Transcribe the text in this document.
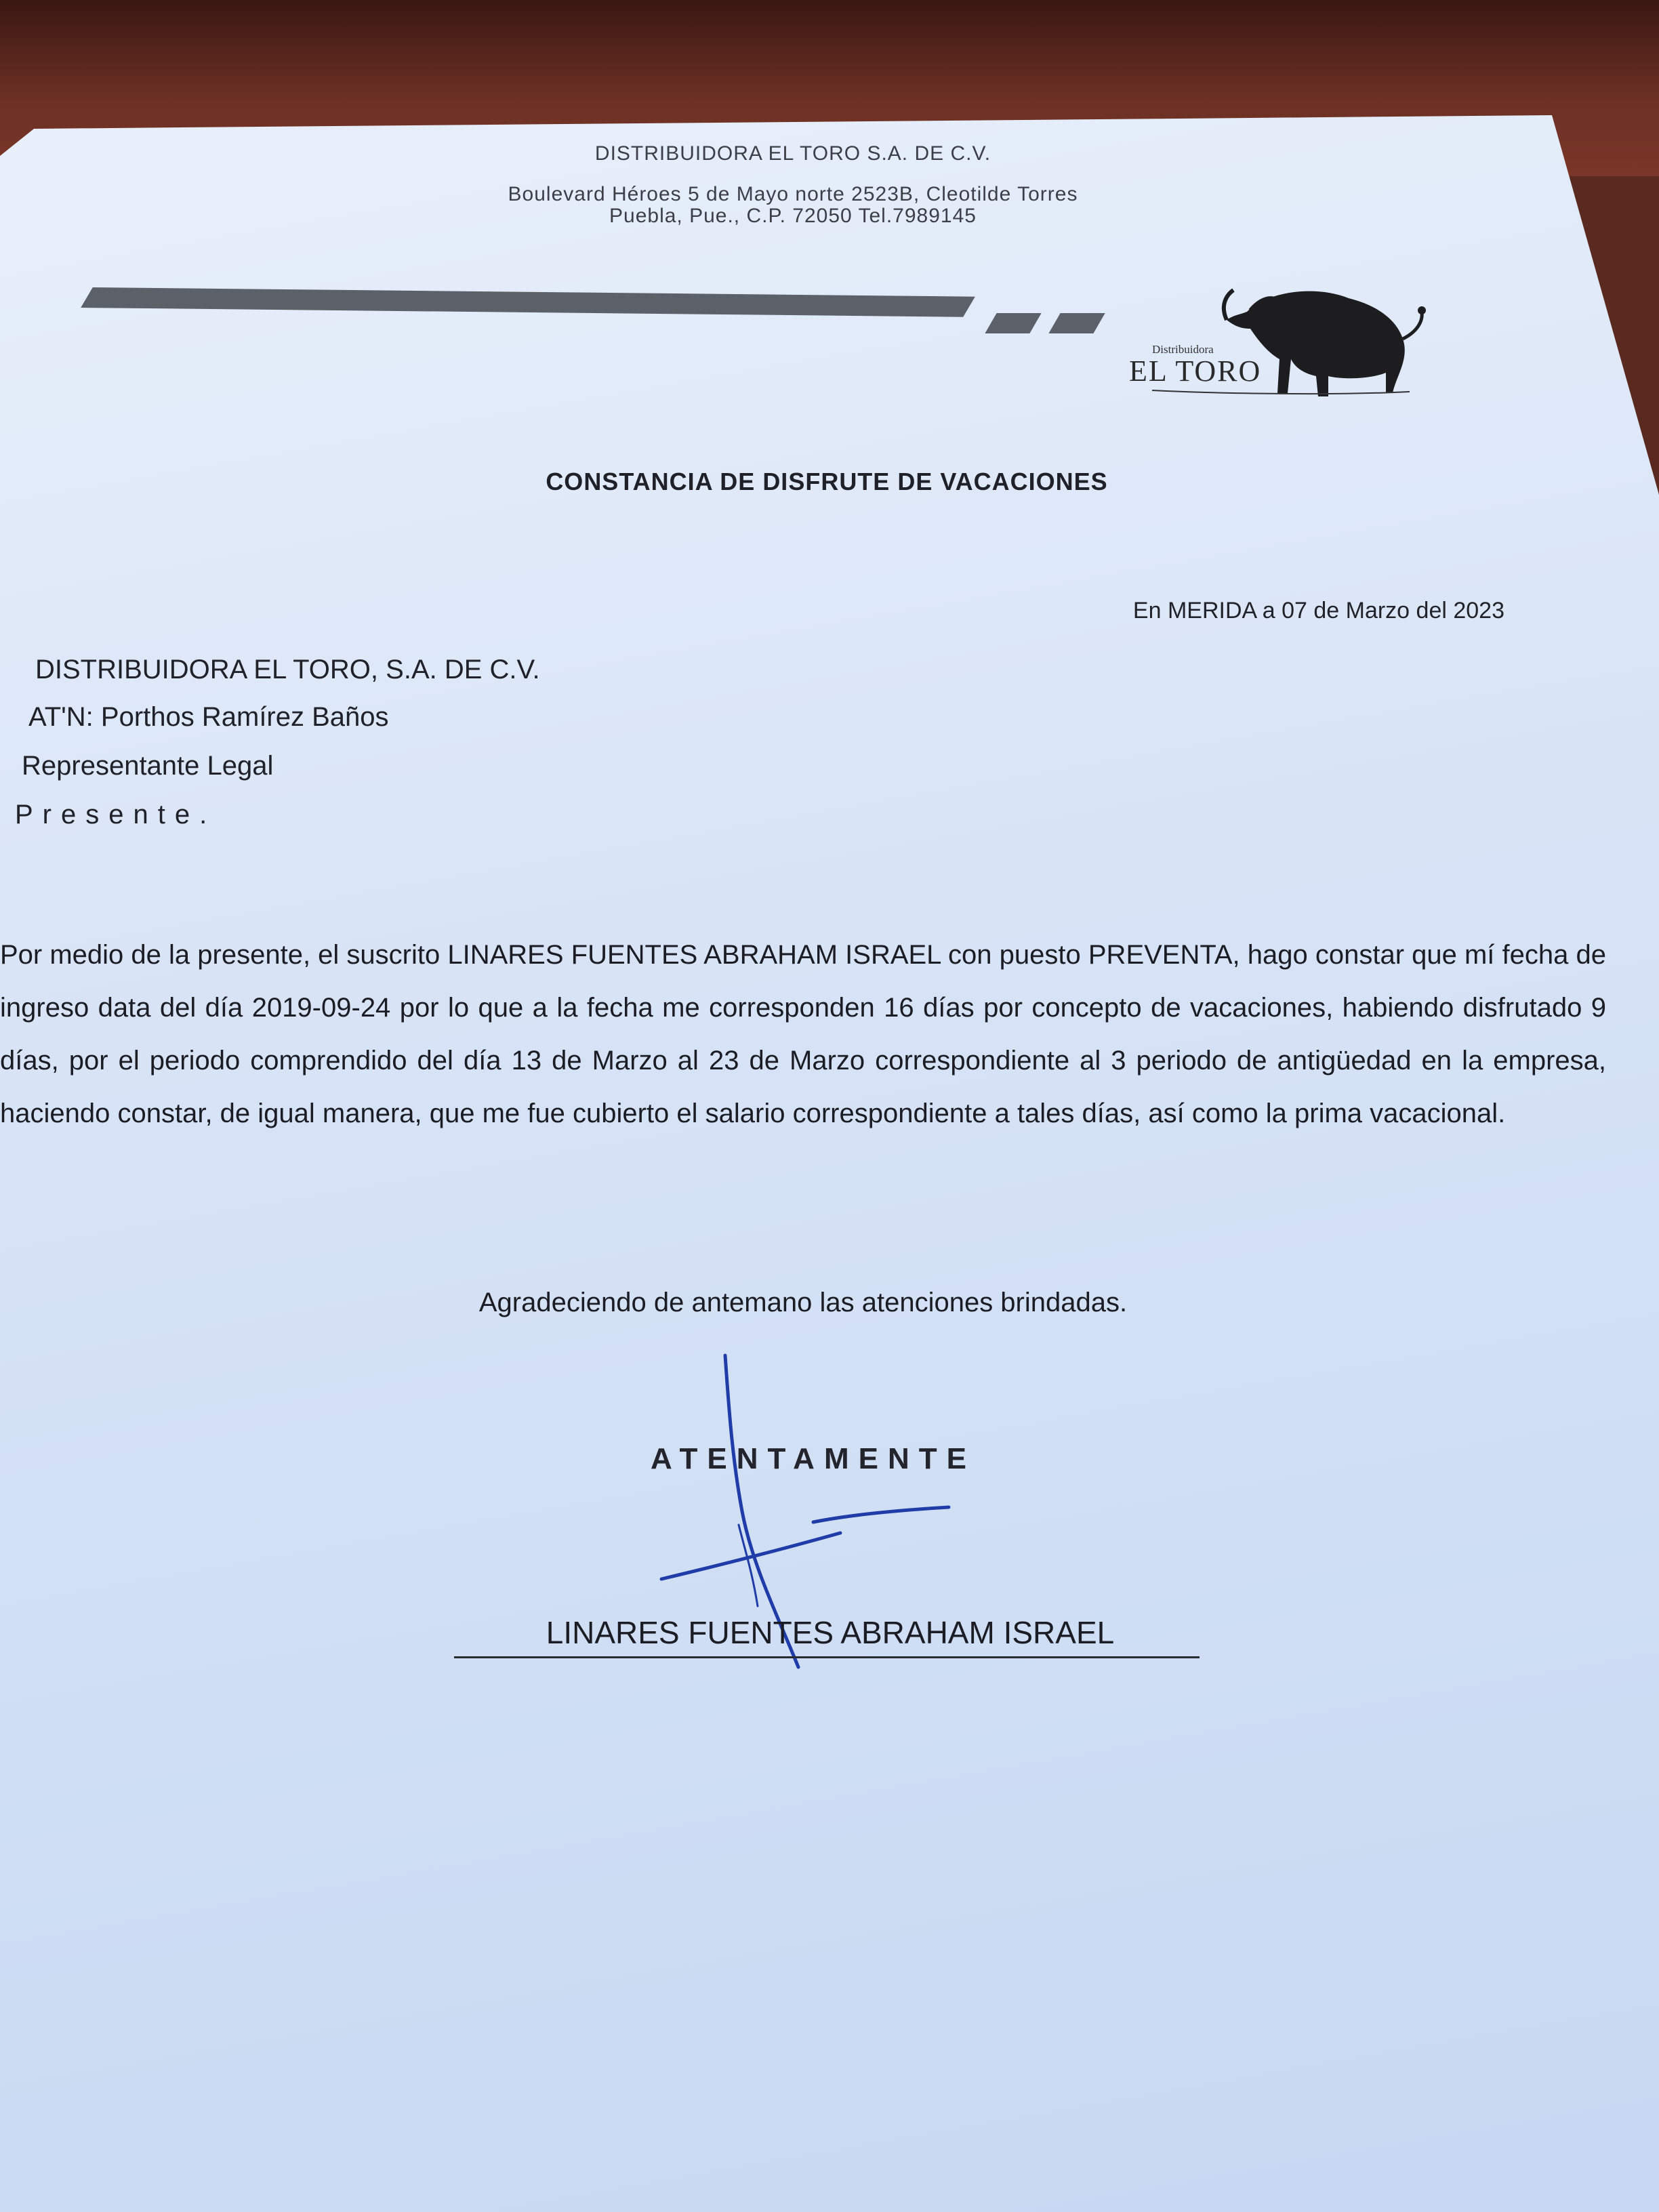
DISTRIBUIDORA EL TORO S.A. DE C.V.
Boulevard Héroes 5 de Mayo norte 2523B, Cleotilde Torres
Puebla, Pue., C.P. 72050 Tel.7989145
Distribuidora
EL TORO
CONSTANCIA DE DISFRUTE DE VACACIONES
En MERIDA a 07 de Marzo del 2023
DISTRIBUIDORA EL TORO, S.A. DE C.V.
AT'N: Porthos Ramírez Baños
Representante Legal
Presente.
Por medio de la presente, el suscrito LINARES FUENTES ABRAHAM ISRAEL con puesto PREVENTA, hago constar que mí fecha de ingreso data del día 2019-09-24 por lo que a la fecha me corresponden 16 días por concepto de vacaciones, habiendo disfrutado 9 días, por el periodo comprendido del día 13 de Marzo al 23 de Marzo correspondiente al 3 periodo de antigüedad en la empresa, haciendo constar, de igual manera, que me fue cubierto el salario correspondiente a tales días, así como la prima vacacional.
Agradeciendo de antemano las atenciones brindadas.
ATENTAMENTE
LINARES FUENTES ABRAHAM ISRAEL
